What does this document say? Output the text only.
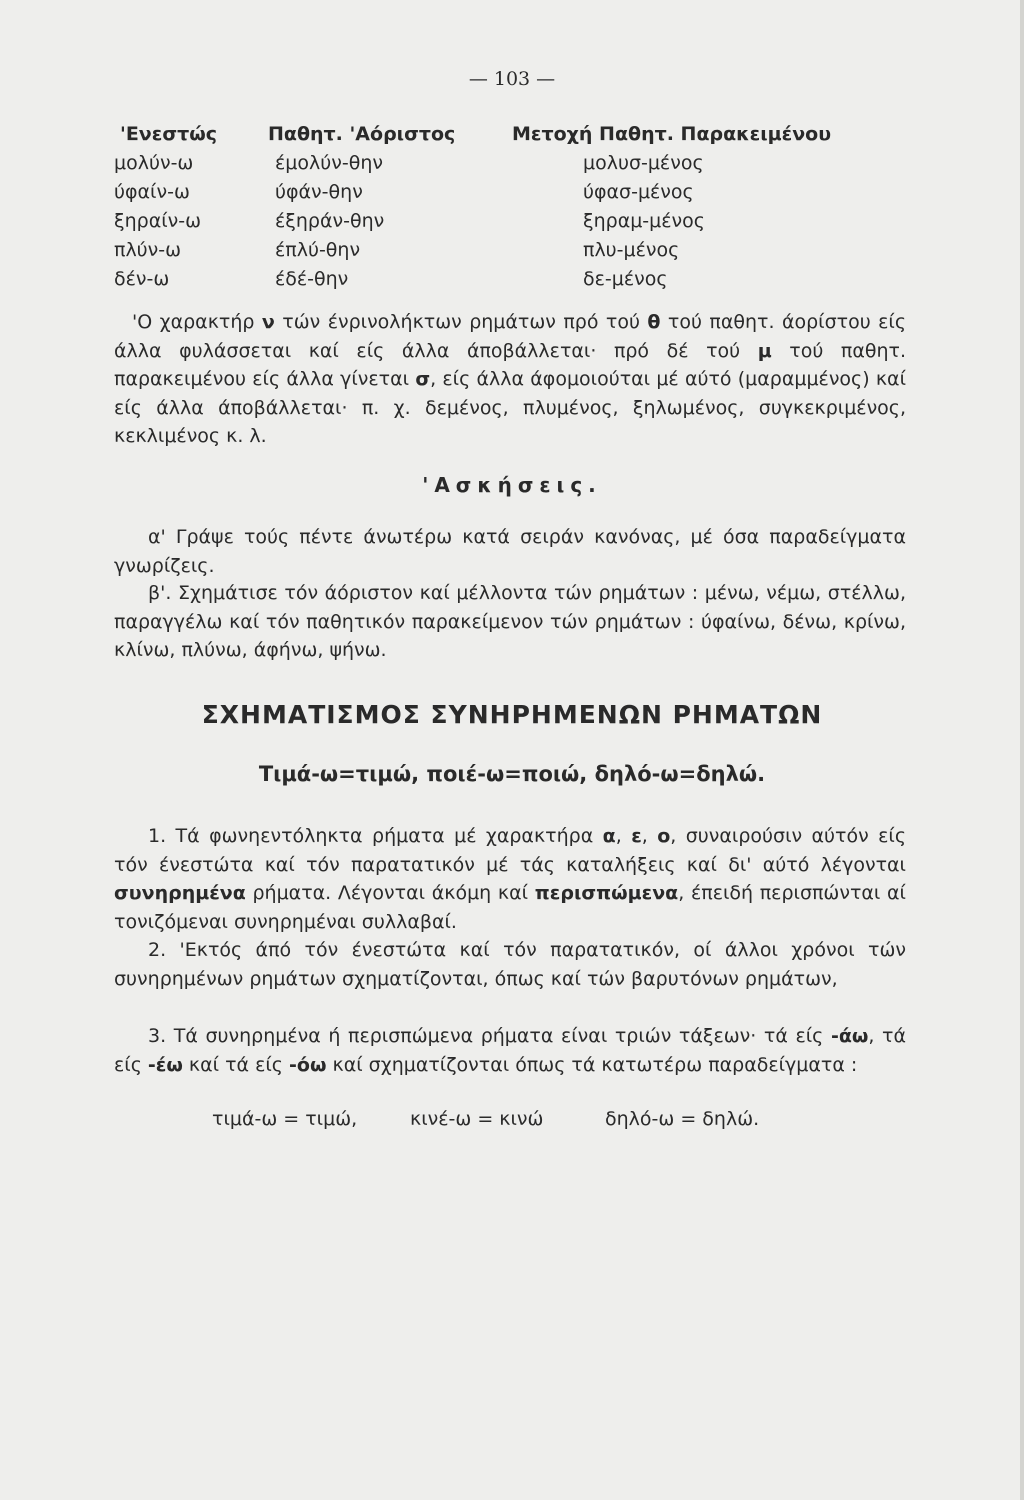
— 103 —
'Ενεστώς	Παθητ. 'Αόριστος	Μετοχή Παθητ. Παρακειμένου
μολύν-ω	έμολύν-θην	μολυσ-μένος
ύφαίν-ω	ύφάν-θην	ύφασ-μένος
ξηραίν-ω	έξηράν-θην	ξηραμ-μένος
πλύν-ω	έπλύ-θην	πλυ-μένος
δέν-ω	έδέ-θην	δε-μένος
'Ο χαρακτήρ ν τών ένρινολήκτων ρημάτων πρό τού θ τού παθητ. άορίστου είς άλλα φυλάσσεται καί είς άλλα άποβάλλεται· πρό δέ τού μ τού παθητ. παρακειμένου είς άλλα γίνεται σ, είς άλλα άφομοιούται μέ αύτό (μαραμμένος) καί είς άλλα άποβάλλεται· π. χ. δεμένος, πλυμένος, ξηλωμένος, συγκεκριμένος, κεκλιμένος κ. λ.
'Ασκήσεις.
α' Γράψε τούς πέντε άνωτέρω κατά σειράν κανόνας, μέ όσα παραδείγματα γνωρίζεις.
β'. Σχημάτισε τόν άόριστον καί μέλλοντα τών ρημάτων : μένω, νέμω, στέλλω, παραγγέλω καί τόν παθητικόν παρακείμενον τών ρημάτων : ύφαίνω, δένω, κρίνω, κλίνω, πλύνω, άφήνω, ψήνω.
ΣΧΗΜΑΤΙΣΜΟΣ ΣΥΝΗΡΗΜΕΝΩΝ ΡΗΜΑΤΩΝ
Τιμά-ω=τιμώ, ποιέ-ω=ποιώ, δηλό-ω=δηλώ.
1. Τά φωνηεντόληκτα ρήματα μέ χαρακτήρα α, ε, ο, συναιρούσιν αύτόν είς τόν ένεστώτα καί τόν παρατατικόν μέ τάς καταλήξεις καί δι' αύτό λέγονται συνηρημένα ρήματα. Λέγονται άκόμη καί περισπώμενα, έπειδή περισπώνται αί τονιζόμεναι συνηρημέναι συλλαβαί.
2. 'Εκτός άπό τόν ένεστώτα καί τόν παρατατικόν, οί άλλοι χρόνοι τών συνηρημένων ρημάτων σχηματίζονται, όπως καί τών βαρυτόνων ρημάτων,
3. Τά συνηρημένα ή περισπώμενα ρήματα είναι τριών τάξεων· τά είς -άω, τά είς -έω καί τά είς -όω καί σχηματίζονται όπως τά κατωτέρω παραδείγματα :
τιμά-ω = τιμώ,	κινέ-ω = κινώ	δηλό-ω = δηλώ.
